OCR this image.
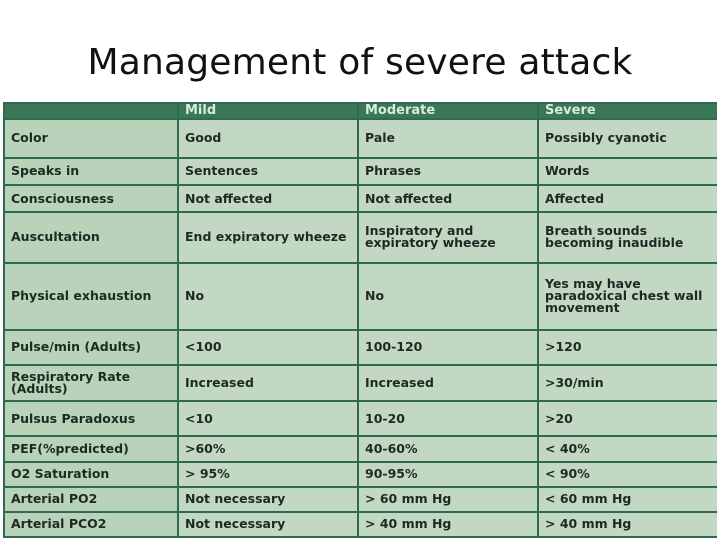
Management of severe attack
	Mild	Moderate	Severe
Color	Good	Pale	Possibly cyanotic
Speaks in	Sentences	Phrases	Words
Consciousness	Not affected	Not affected	Affected
Auscultation	End expiratory wheeze	Inspiratory and expiratory wheeze	Breath sounds becoming inaudible
Physical exhaustion	No	No	Yes may have paradoxical chest wall movement
Pulse/min (Adults)	<100	100-120	>120
Respiratory Rate (Adults)	Increased	Increased	>30/min
Pulsus Paradoxus	<10	10-20	>20
PEF(%predicted)	>60%	40-60%	< 40%
O2 Saturation	> 95%	90-95%	< 90%
Arterial PO2	Not necessary	> 60 mm Hg	< 60 mm Hg
Arterial PCO2	Not necessary	> 40 mm Hg	> 40 mm Hg
